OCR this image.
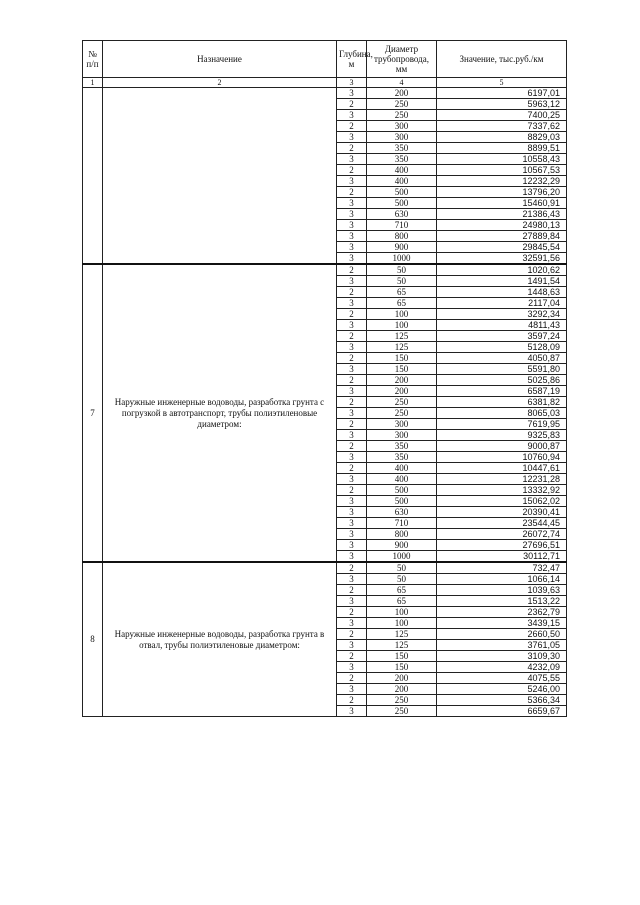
№ п/п	Назначение	Глубина, м	Диаметр трубопровода, мм	Значение, тыс.руб./км
1	2	3	4	5
		3	200	6197,01
		2	250	5963,12
		3	250	7400,25
		2	300	7337,62
		3	300	8829,03
		2	350	8899,51
		3	350	10558,43
		2	400	10567,53
		3	400	12232,29
		2	500	13796,20
		3	500	15460,91
		3	630	21386,43
		3	710	24980,13
		3	800	27889,84
		3	900	29845,54
		3	1000	32591,56
7	Наружные инженерные водоводы, разработка грунта с погрузкой в автотранспорт, трубы полиэтиленовые диаметром:	2	50	1020,62
		3	50	1491,54
		2	65	1448,63
		3	65	2117,04
		2	100	3292,34
		3	100	4811,43
		2	125	3597,24
		3	125	5128,09
		2	150	4050,87
		3	150	5591,80
		2	200	5025,86
		3	200	6587,19
		2	250	6381,82
		3	250	8065,03
		2	300	7619,95
		3	300	9325,83
		2	350	9000,87
		3	350	10760,94
		2	400	10447,61
		3	400	12231,28
		2	500	13332,92
		3	500	15062,02
		3	630	20390,41
		3	710	23544,45
		3	800	26072,74
		3	900	27696,51
		3	1000	30112,71
8	Наружные инженерные водоводы, разработка грунта в отвал, трубы полиэтиленовые диаметром:	2	50	732,47
		3	50	1066,14
		2	65	1039,63
		3	65	1513,22
		2	100	2362,79
		3	100	3439,15
		2	125	2660,50
		3	125	3761,05
		2	150	3109,30
		3	150	4232,09
		2	200	4075,55
		3	200	5246,00
		2	250	5366,34
		3	250	6659,67
